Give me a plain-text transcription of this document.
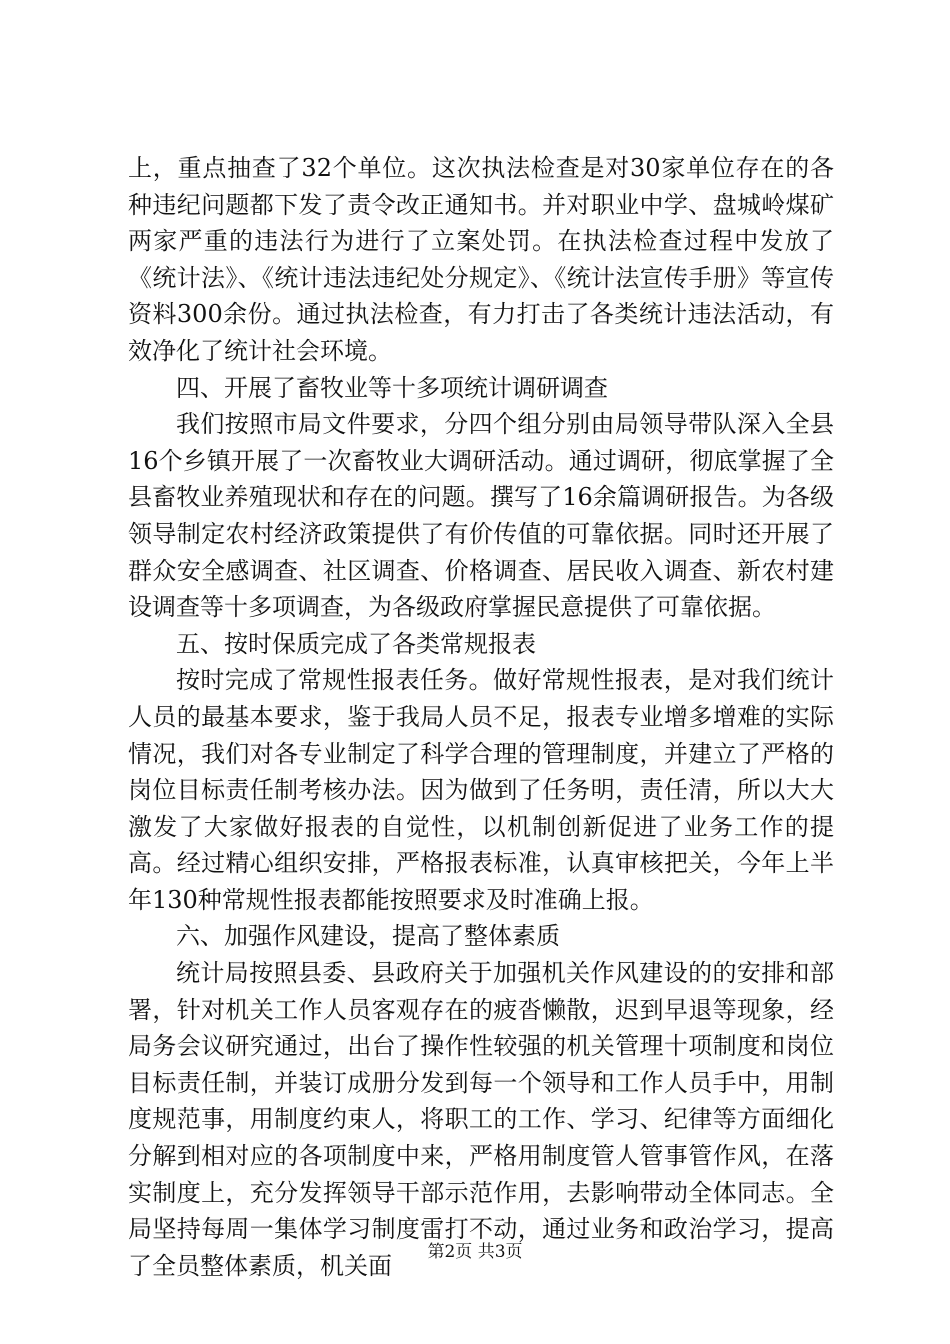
上，重点抽查了32个单位。这次执法检查是对30家单位存在的各种违纪问题都下发了责令改正通知书。并对职业中学、盘城岭煤矿两家严重的违法行为进行了立案处罚。在执法检查过程中发放了《统计法》、《统计违法违纪处分规定》、《统计法宣传手册》等宣传资料300余份。通过执法检查，有力打击了各类统计违法活动，有效净化了统计社会环境。

四、开展了畜牧业等十多项统计调研调查

我们按照市局文件要求，分四个组分别由局领导带队深入全县16个乡镇开展了一次畜牧业大调研活动。通过调研，彻底掌握了全县畜牧业养殖现状和存在的问题。撰写了16余篇调研报告。为各级领导制定农村经济政策提供了有价传值的可靠依据。同时还开展了群众安全感调查、社区调查、价格调查、居民收入调查、新农村建设调查等十多项调查，为各级政府掌握民意提供了可靠依据。

五、按时保质完成了各类常规报表

按时完成了常规性报表任务。做好常规性报表，是对我们统计人员的最基本要求，鉴于我局人员不足，报表专业增多增难的实际情况，我们对各专业制定了科学合理的管理制度，并建立了严格的岗位目标责任制考核办法。因为做到了任务明，责任清，所以大大激发了大家做好报表的自觉性，以机制创新促进了业务工作的提高。经过精心组织安排，严格报表标准，认真审核把关，今年上半年130种常规性报表都能按照要求及时准确上报。

六、加强作风建设，提高了整体素质

统计局按照县委、县政府关于加强机关作风建设的的安排和部署，针对机关工作人员客观存在的疲沓懒散，迟到早退等现象，经局务会议研究通过，出台了操作性较强的机关管理十项制度和岗位目标责任制，并装订成册分发到每一个领导和工作人员手中，用制度规范事，用制度约束人，将职工的工作、学习、纪律等方面细化分解到相对应的各项制度中来，严格用制度管人管事管作风，在落实制度上，充分发挥领导干部示范作用，去影响带动全体同志。全局坚持每周一集体学习制度雷打不动，通过业务和政治学习，提高了全员整体素质，机关面	第2页 共3页
